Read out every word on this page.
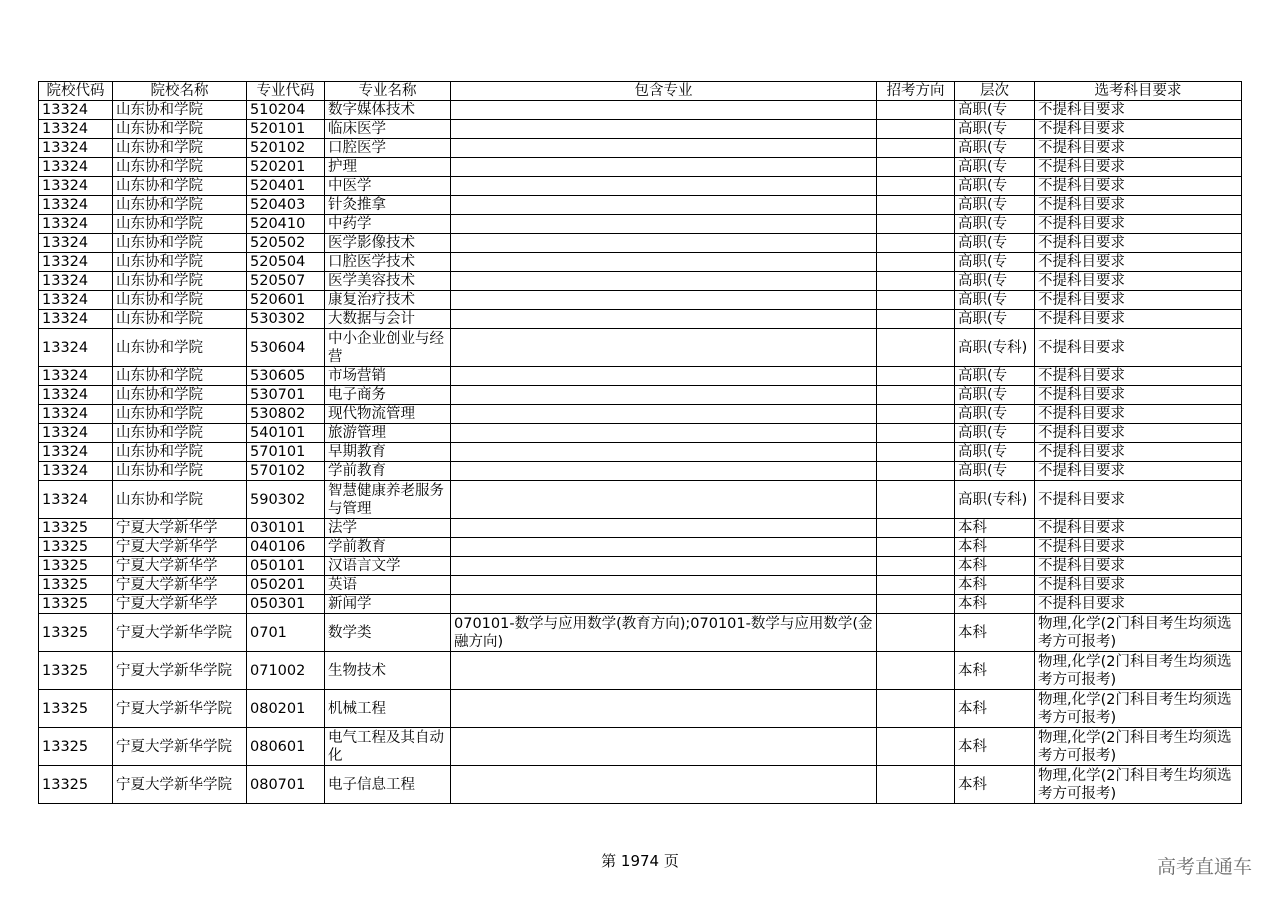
院校代码	院校名称	专业代码	专业名称	包含专业	招考方向	层次	选考科目要求
13324	山东协和学院	510204	数字媒体技术			高职(专	不提科目要求
13324	山东协和学院	520101	临床医学			高职(专	不提科目要求
13324	山东协和学院	520102	口腔医学			高职(专	不提科目要求
13324	山东协和学院	520201	护理			高职(专	不提科目要求
13324	山东协和学院	520401	中医学			高职(专	不提科目要求
13324	山东协和学院	520403	针灸推拿			高职(专	不提科目要求
13324	山东协和学院	520410	中药学			高职(专	不提科目要求
13324	山东协和学院	520502	医学影像技术			高职(专	不提科目要求
13324	山东协和学院	520504	口腔医学技术			高职(专	不提科目要求
13324	山东协和学院	520507	医学美容技术			高职(专	不提科目要求
13324	山东协和学院	520601	康复治疗技术			高职(专	不提科目要求
13324	山东协和学院	530302	大数据与会计			高职(专	不提科目要求
13324	山东协和学院	530604	中小企业创业与经营			高职(专科)	不提科目要求
13324	山东协和学院	530605	市场营销			高职(专	不提科目要求
13324	山东协和学院	530701	电子商务			高职(专	不提科目要求
13324	山东协和学院	530802	现代物流管理			高职(专	不提科目要求
13324	山东协和学院	540101	旅游管理			高职(专	不提科目要求
13324	山东协和学院	570101	早期教育			高职(专	不提科目要求
13324	山东协和学院	570102	学前教育			高职(专	不提科目要求
13324	山东协和学院	590302	智慧健康养老服务与管理			高职(专科)	不提科目要求
13325	宁夏大学新华学	030101	法学			本科	不提科目要求
13325	宁夏大学新华学	040106	学前教育			本科	不提科目要求
13325	宁夏大学新华学	050101	汉语言文学			本科	不提科目要求
13325	宁夏大学新华学	050201	英语			本科	不提科目要求
13325	宁夏大学新华学	050301	新闻学			本科	不提科目要求
13325	宁夏大学新华学院	0701	数学类	070101-数学与应用数学(教育方向);070101-数学与应用数学(金融方向)		本科	物理,化学(2门科目考生均须选考方可报考)
13325	宁夏大学新华学院	071002	生物技术			本科	物理,化学(2门科目考生均须选考方可报考)
13325	宁夏大学新华学院	080201	机械工程			本科	物理,化学(2门科目考生均须选考方可报考)
13325	宁夏大学新华学院	080601	电气工程及其自动化			本科	物理,化学(2门科目考生均须选考方可报考)
13325	宁夏大学新华学院	080701	电子信息工程			本科	物理,化学(2门科目考生均须选考方可报考)
第 1974 页	高考直通车
